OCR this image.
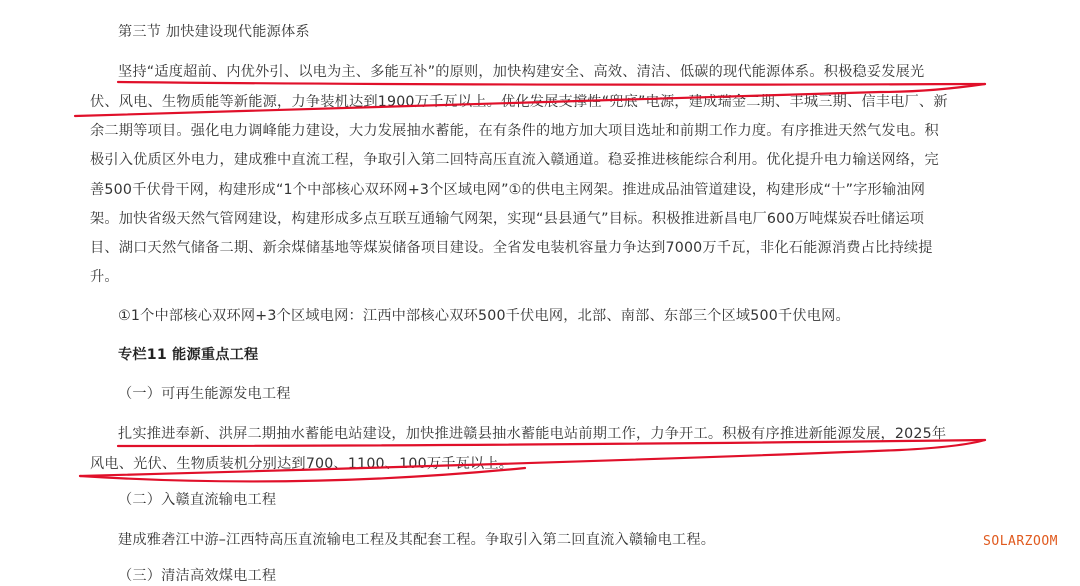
第三节 加快建设现代能源体系
坚持“适度超前、内优外引、以电为主、多能互补”的原则，加快构建安全、高效、清洁、低碳的现代能源体系。积极稳妥发展光
伏、风电、生物质能等新能源，力争装机达到1900万千瓦以上。优化发展支撑性“兜底”电源，建成瑞金二期、丰城三期、信丰电厂、新
余二期等项目。强化电力调峰能力建设，大力发展抽水蓄能，在有条件的地方加大项目选址和前期工作力度。有序推进天然气发电。积
极引入优质区外电力，建成雅中直流工程，争取引入第二回特高压直流入赣通道。稳妥推进核能综合利用。优化提升电力输送网络，完
善500千伏骨干网，构建形成“1个中部核心双环网+3个区域电网”①的供电主网架。推进成品油管道建设，构建形成“十”字形输油网
架。加快省级天然气管网建设，构建形成多点互联互通输气网架，实现“县县通气”目标。积极推进新昌电厂600万吨煤炭吞吐储运项
目、湖口天然气储备二期、新余煤储基地等煤炭储备项目建设。全省发电装机容量力争达到7000万千瓦，非化石能源消费占比持续提
升。
①1个中部核心双环网+3个区域电网：江西中部核心双环500千伏电网，北部、南部、东部三个区域500千伏电网。
专栏11 能源重点工程
（一）可再生能源发电工程
扎实推进奉新、洪屏二期抽水蓄能电站建设，加快推进赣县抽水蓄能电站前期工作，力争开工。积极有序推进新能源发展，2025年
风电、光伏、生物质装机分别达到700、1100、100万千瓦以上。
（二）入赣直流输电工程
建成雅砻江中游–江西特高压直流输电工程及其配套工程。争取引入第二回直流入赣输电工程。
（三）清洁高效煤电工程
SOLARZOOM
